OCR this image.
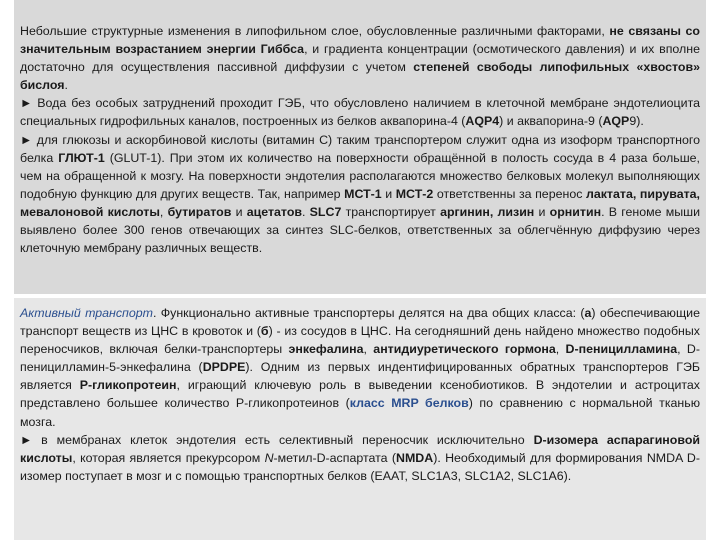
Небольшие структурные изменения в липофильном слое, обусловленные различными факторами, не связаны со значительным возрастанием энергии Гиббса, и градиента концентрации (осмотического давления) и их вполне достаточно для осуществления пассивной диффузии с учетом степеней свободы липофильных «хвостов» бислоя.

► Вода без особых затруднений проходит ГЭБ, что обусловлено наличием в клеточной мембране эндотелиоцита специальных гидрофильных каналов, построенных из белков аквапорина-4 (AQP4) и аквапорина-9 (AQP9).

► для глюкозы и аскорбиновой кислоты (витамин С) таким транспортером служит одна из изоформ транспортного белка ГЛЮТ-1 (GLUT-1). При этом их количество на поверхности обращённой в полость сосуда в 4 раза больше, чем на обращенной к мозгу. На поверхности эндотелия располагаются множество белковых молекул выполняющих подобную функцию для других веществ. Так, например МСТ-1 и МСТ-2 ответственны за перенос лактата, пирувата, мевалоновой кислоты, бутиратов и ацетатов. SLC7 транспортирует аргинин, лизин и орнитин. В геноме мыши выявлено более 300 генов отвечающих за синтез SLC-белков, ответственных за облегчённую диффузию через клеточную мембрану различных веществ.

Активный транспорт. Функционально активные транспортеры делятся на два общих класса: (а) обеспечивающие транспорт веществ из ЦНС в кровоток и (б) - из сосудов в ЦНС. На сегодняшний день найдено множество подобных переносчиков, включая белки-транспортеры энкефалина, антидиуретического гормона, D-пеницилламина, D-пеницилламин-5-энкефалина (DPDPE). Одним из первых индентифицированных обратных транспортеров ГЭБ является Р-гликопротеин, играющий ключевую роль в выведении ксенобиотиков. В эндотелии и астроцитах представлено большее количество Р-гликопротеинов (класс MRP белков) по сравнению с нормальной тканью мозга.

► в мембранах клеток эндотелия есть селективный переносчик исключительно D-изомера аспарагиновой кислоты, которая является прекурсором N-метил-D-аспартата (NMDA). Необходимый для формирования NMDA D-изомер поступает в мозг и с помощью транспортных белков (EAAT, SLC1A3, SLC1A2, SLC1A6).
